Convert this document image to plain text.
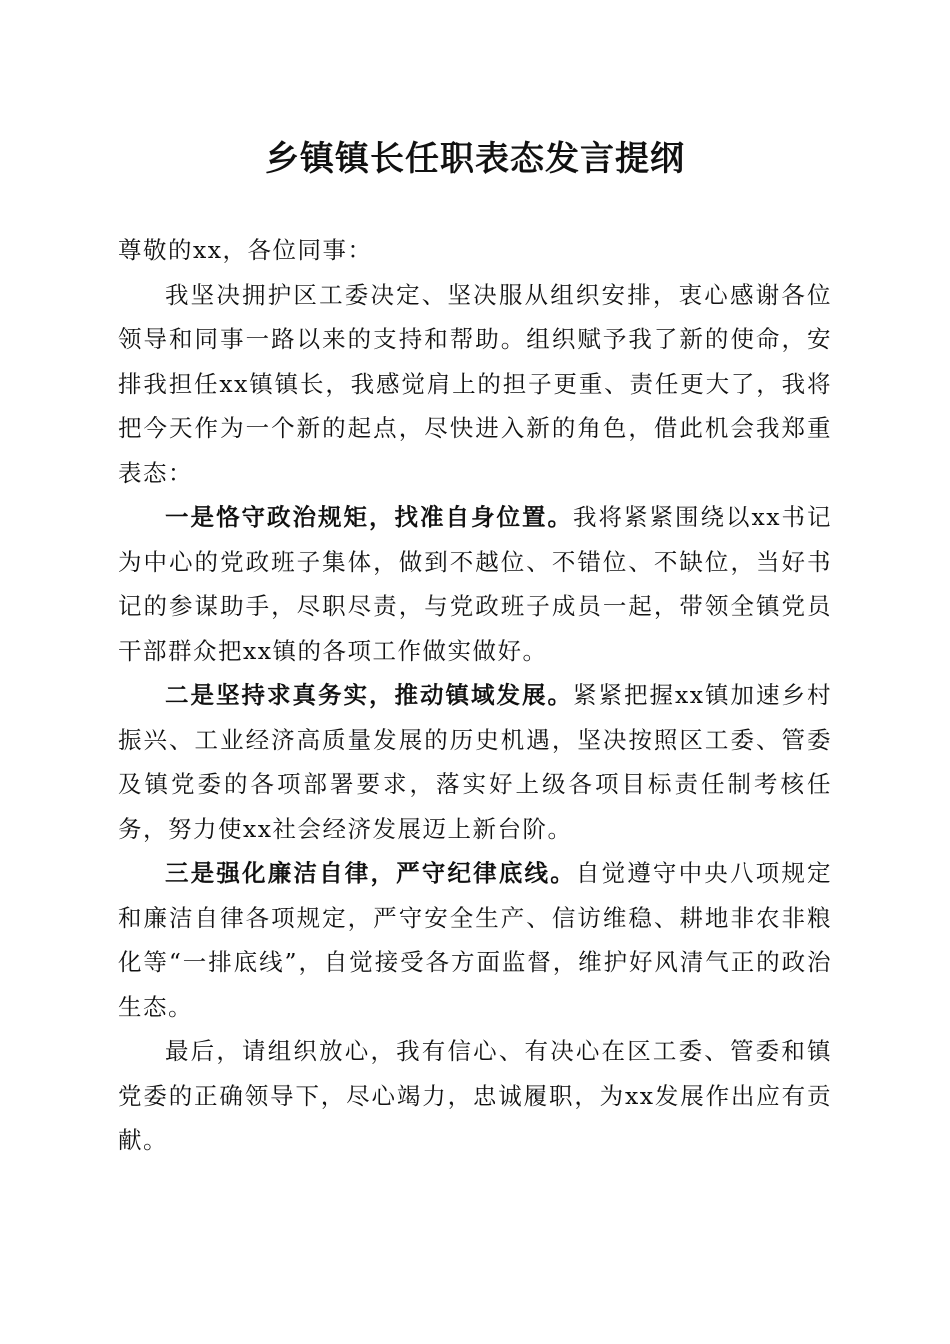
乡镇镇长任职表态发言提纲

尊敬的xx，各位同事：

我坚决拥护区工委决定、坚决服从组织安排，衷心感谢各位领导和同事一路以来的支持和帮助。组织赋予我了新的使命，安排我担任xx镇镇长，我感觉肩上的担子更重、责任更大了，我将把今天作为一个新的起点，尽快进入新的角色，借此机会我郑重表态：

一是恪守政治规矩，找准自身位置。我将紧紧围绕以xx书记为中心的党政班子集体，做到不越位、不错位、不缺位，当好书记的参谋助手，尽职尽责，与党政班子成员一起，带领全镇党员干部群众把xx镇的各项工作做实做好。

二是坚持求真务实，推动镇域发展。紧紧把握xx镇加速乡村振兴、工业经济高质量发展的历史机遇，坚决按照区工委、管委及镇党委的各项部署要求，落实好上级各项目标责任制考核任务，努力使xx社会经济发展迈上新台阶。

三是强化廉洁自律，严守纪律底线。自觉遵守中央八项规定和廉洁自律各项规定，严守安全生产、信访维稳、耕地非农非粮化等“一排底线”，自觉接受各方面监督，维护好风清气正的政治生态。

最后，请组织放心，我有信心、有决心在区工委、管委和镇党委的正确领导下，尽心竭力，忠诚履职，为xx发展作出应有贡献。
